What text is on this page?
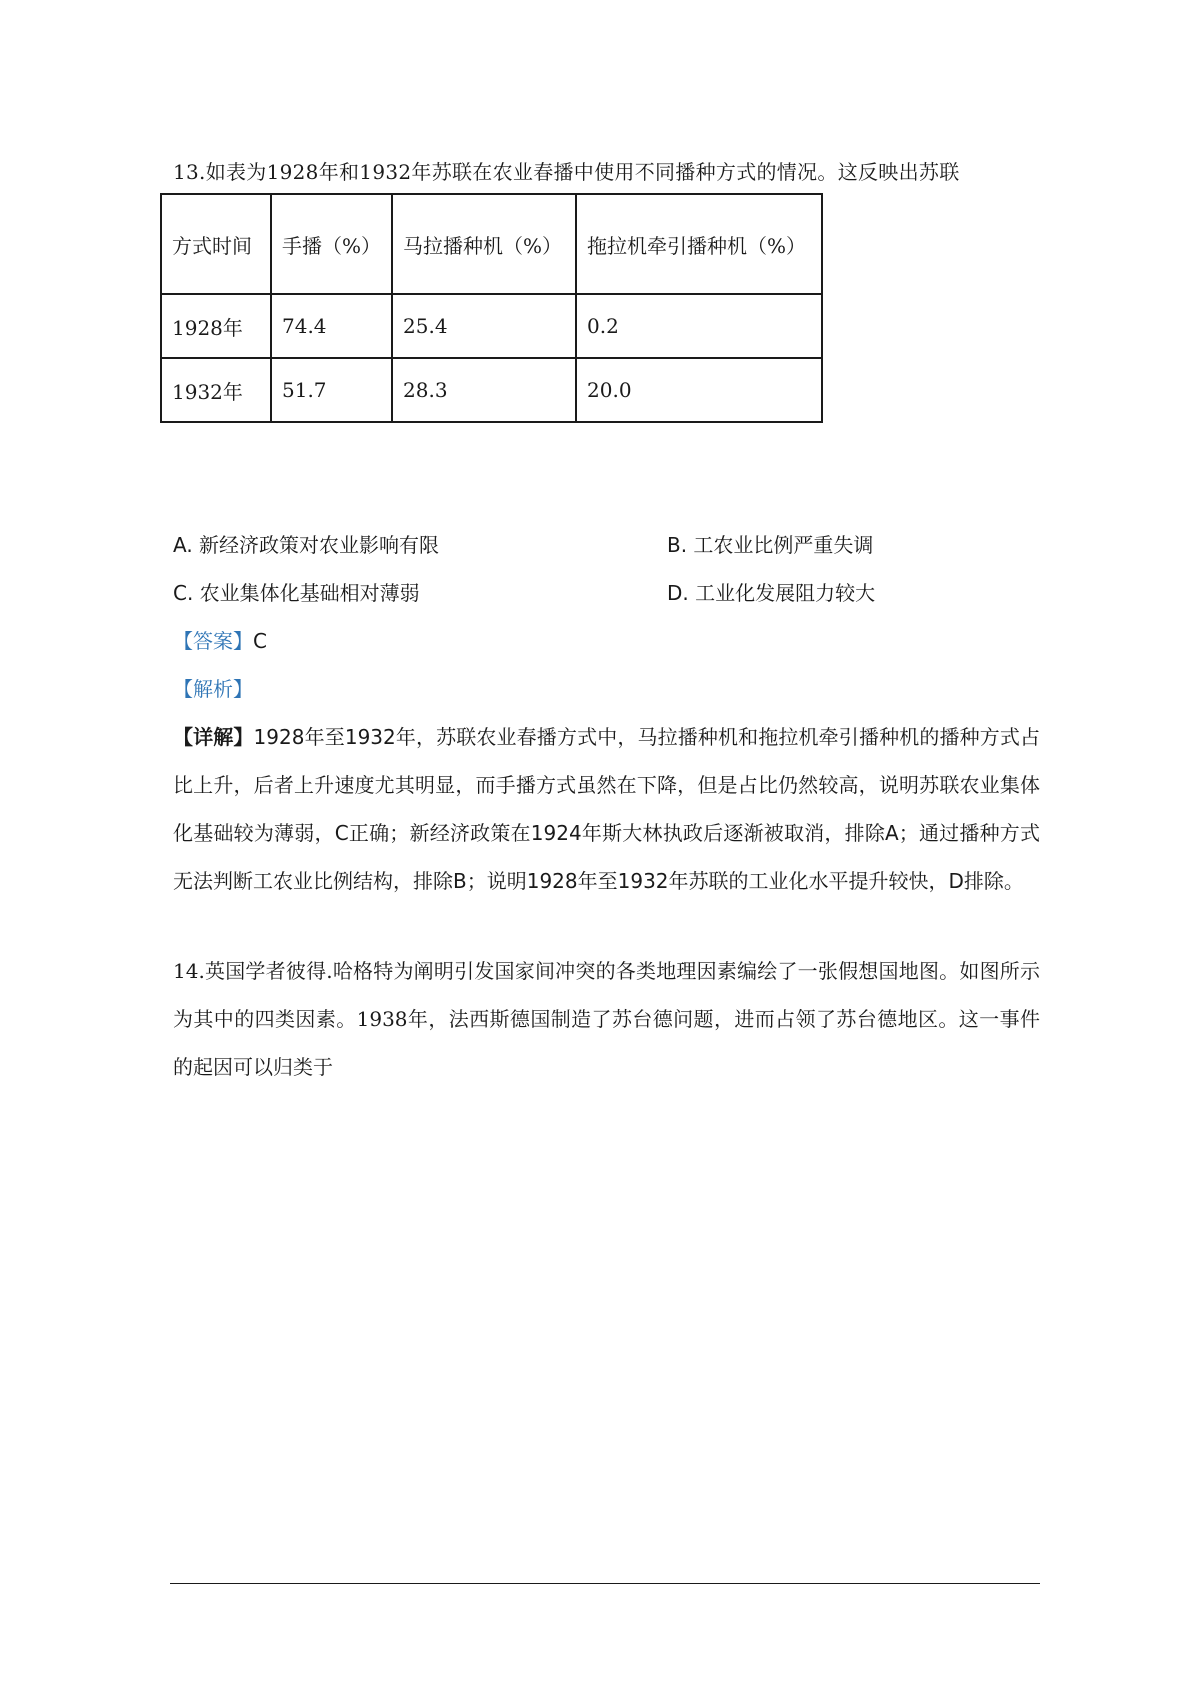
13.如表为1928年和1932年苏联在农业春播中使用不同播种方式的情况。这反映出苏联
方式时间	手播（%）	马拉播种机（%）	拖拉机牵引播种机（%）
1928年	74.4	25.4	0.2
1932年	51.7	28.3	20.0
A. 新经济政策对农业影响有限	B. 工农业比例严重失调
C. 农业集体化基础相对薄弱	D. 工业化发展阻力较大
【答案】C
【解析】
【详解】1928年至1932年，苏联农业春播方式中，马拉播种机和拖拉机牵引播种机的播种方式占比上升，后者上升速度尤其明显，而手播方式虽然在下降，但是占比仍然较高，说明苏联农业集体化基础较为薄弱，C正确；新经济政策在1924年斯大林执政后逐渐被取消，排除A；通过播种方式无法判断工农业比例结构，排除B；说明1928年至1932年苏联的工业化水平提升较快，D排除。
14.英国学者彼得.哈格特为阐明引发国家间冲突的各类地理因素编绘了一张假想国地图。如图所示为其中的四类因素。1938年，法西斯德国制造了苏台德问题，进而占领了苏台德地区。这一事件的起因可以归类于
